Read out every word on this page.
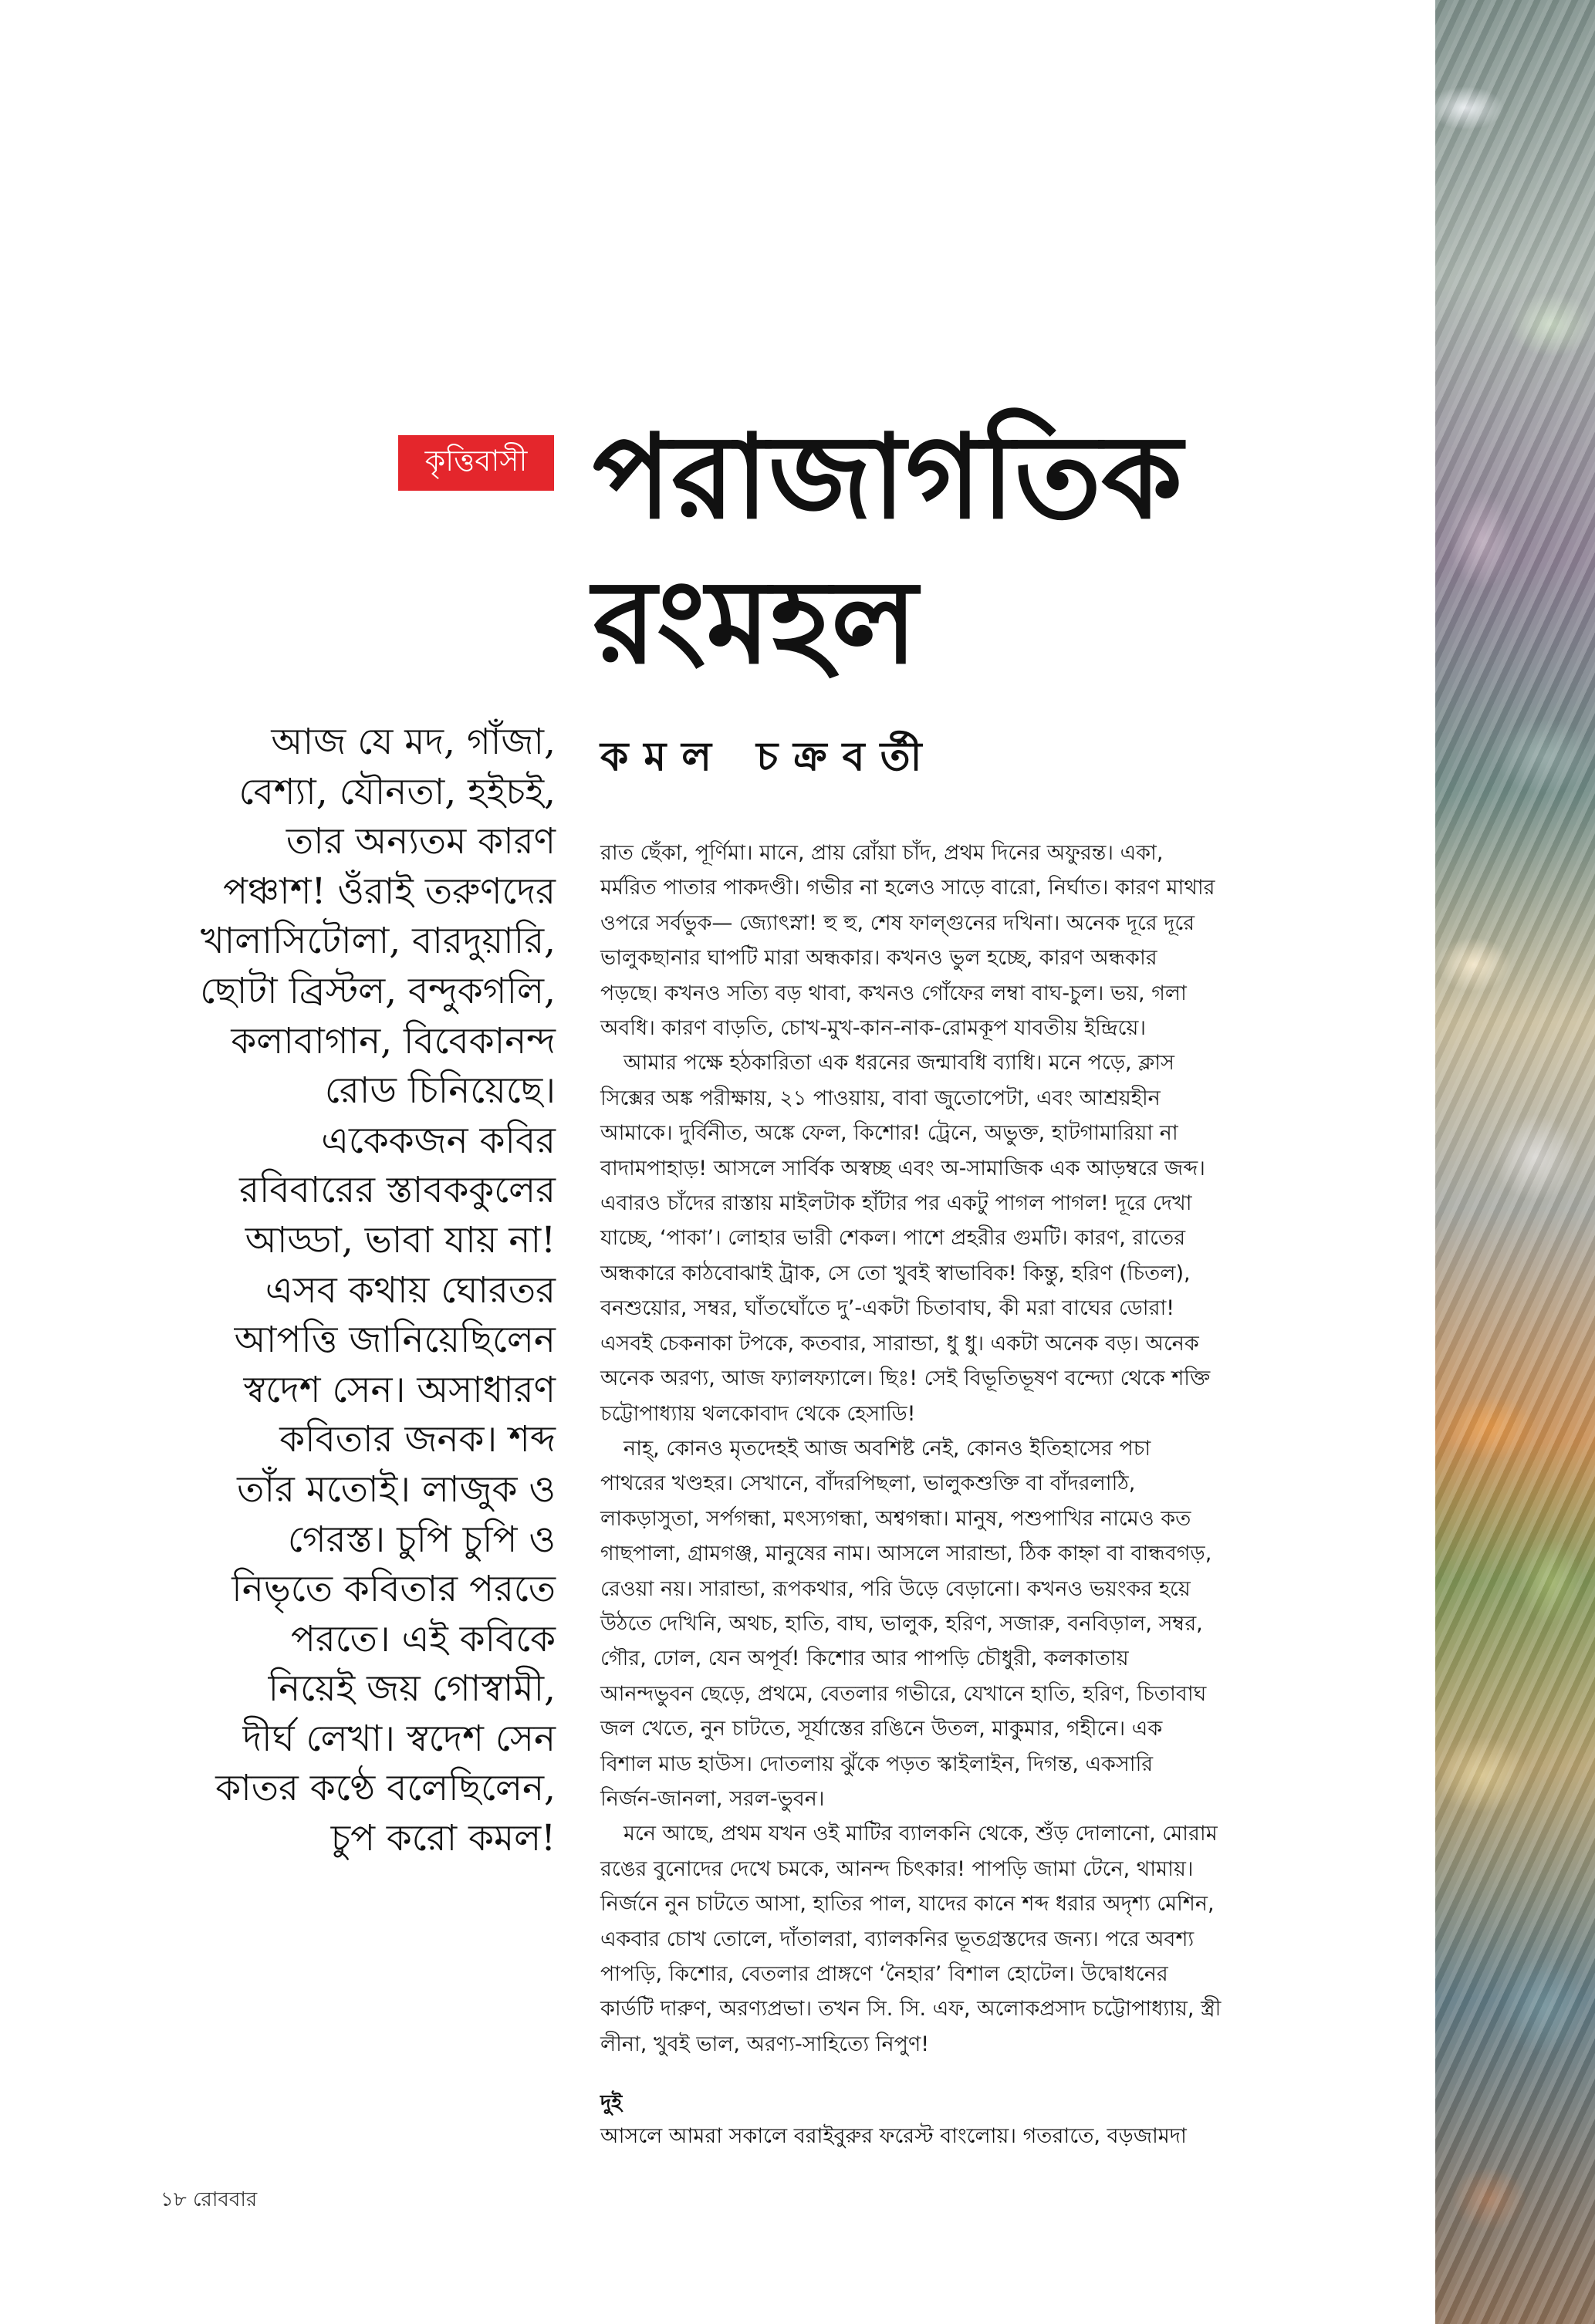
কৃত্তিবাসী পরাজাগতিক
রংমহল
কমল চক্রবর্তী
আজ যে মদ, গাঁজা,
বেশ্যা, যৌনতা, হইচই,
তার অন্যতম কারণ
পঞ্চাশ! ওঁরাই তরুণদের
খালাসিটোলা, বারদুয়ারি,
ছোটা ব্রিস্টল, বন্দুকগলি,
কলাবাগান, বিবেকানন্দ
রোড চিনিয়েছে।
একেকজন কবির
রবিবারের স্তাবককুলের
আড্ডা, ভাবা যায় না!
এসব কথায় ঘোরতর
আপত্তি জানিয়েছিলেন
স্বদেশ সেন। অসাধারণ
কবিতার জনক। শব্দ
তাঁর মতোই। লাজুক ও
গেরস্ত। চুপি চুপি ও
নিভৃতে কবিতার পরতে
পরতে। এই কবিকে
নিয়েই জয় গোস্বামী,
দীর্ঘ লেখা। স্বদেশ সেন
কাতর কণ্ঠে বলেছিলেন,
চুপ করো কমল!
রাত ছেঁকা, পূর্ণিমা। মানে, প্রায় রোঁয়া চাঁদ, প্রথম দিনের অফুরন্ত। একা,
মর্মরিত পাতার পাকদণ্ডী। গভীর না হলেও সাড়ে বারো, নির্ঘাত। কারণ মাথার
ওপরে সর্বভুক— জ্যোৎস্না! হু হু, শেষ ফাল্গুনের দখিনা। অনেক দূরে দূরে
ভালুকছানার ঘাপটি মারা অন্ধকার। কখনও ভুল হচ্ছে, কারণ অন্ধকার
পড়ছে। কখনও সত্যি বড় থাবা, কখনও গোঁফের লম্বা বাঘ-চুল। ভয়, গলা
অবধি। কারণ বাড়তি, চোখ-মুখ-কান-নাক-রোমকূপ যাবতীয় ইন্দ্রিয়ে।
আমার পক্ষে হঠকারিতা এক ধরনের জন্মাবধি ব্যাধি। মনে পড়ে, ক্লাস
সিক্সের অঙ্ক পরীক্ষায়, ২১ পাওয়ায়, বাবা জুতোপেটা, এবং আশ্রয়হীন
আমাকে। দুর্বিনীত, অঙ্কে ফেল, কিশোর! ট্রেনে, অভুক্ত, হাটগামারিয়া না
বাদামপাহাড়! আসলে সার্বিক অস্বচ্ছ এবং অ-সামাজিক এক আড়ম্বরে জব্দ।
এবারও চাঁদের রাস্তায় মাইলটাক হাঁটার পর একটু পাগল পাগল! দূরে দেখা
যাচ্ছে, ‘পাকা’। লোহার ভারী শেকল। পাশে প্রহরীর গুমটি। কারণ, রাতের
অন্ধকারে কাঠবোঝাই ট্রাক, সে তো খুবই স্বাভাবিক! কিন্তু, হরিণ (চিতল),
বনশুয়োর, সম্বর, ঘাঁতঘোঁতে দু’-একটা চিতাবাঘ, কী মরা বাঘের ডোরা!
এসবই চেকনাকা টপকে, কতবার, সারান্ডা, ধু ধু। একটা অনেক বড়। অনেক
অনেক অরণ্য, আজ ফ্যালফ্যালে। ছিঃ! সেই বিভূতিভূষণ বন্দ্যো থেকে শক্তি
চট্টোপাধ্যায় থলকোবাদ থেকে হেসাডি!
নাহ্, কোনও মৃতদেহই আজ অবশিষ্ট নেই, কোনও ইতিহাসের পচা
পাথরের খণ্ডহর। সেখানে, বাঁদরপিছলা, ভালুকশুক্তি বা বাঁদরলাঠি,
লাকড়াসুতা, সর্পগন্ধা, মৎস্যগন্ধা, অশ্বগন্ধা। মানুষ, পশুপাখির নামেও কত
গাছপালা, গ্রামগঞ্জ, মানুষের নাম। আসলে সারান্ডা, ঠিক কাহ্না বা বান্ধবগড়,
রেওয়া নয়। সারান্ডা, রূপকথার, পরি উড়ে বেড়ানো। কখনও ভয়ংকর হয়ে
উঠতে দেখিনি, অথচ, হাতি, বাঘ, ভালুক, হরিণ, সজারু, বনবিড়াল, সম্বর,
গৌর, ঢোল, যেন অপূর্ব! কিশোর আর পাপড়ি চৌধুরী, কলকাতায়
আনন্দভুবন ছেড়ে, প্রথমে, বেতলার গভীরে, যেখানে হাতি, হরিণ, চিতাবাঘ
জল খেতে, নুন চাটতে, সূর্যাস্তের রঙিনে উতল, মাকুমার, গহীনে। এক
বিশাল মাড হাউস। দোতলায় ঝুঁকে পড়ত স্কাইলাইন, দিগন্ত, একসারি
নির্জন-জানলা, সরল-ভুবন।
মনে আছে, প্রথম যখন ওই মাটির ব্যালকনি থেকে, শুঁড় দোলানো, মোরাম
রঙের বুনোদের দেখে চমকে, আনন্দ চিৎকার! পাপড়ি জামা টেনে, থামায়।
নির্জনে নুন চাটতে আসা, হাতির পাল, যাদের কানে শব্দ ধরার অদৃশ্য মেশিন,
একবার চোখ তোলে, দাঁতালরা, ব্যালকনির ভূতগ্রস্তদের জন্য। পরে অবশ্য
পাপড়ি, কিশোর, বেতলার প্রাঙ্গণে ‘নৈহার’ বিশাল হোটেল। উদ্বোধনের
কার্ডটি দারুণ, অরণ্যপ্রভা। তখন সি. সি. এফ, অলোকপ্রসাদ চট্টোপাধ্যায়, স্ত্রী
লীনা, খুবই ভাল, অরণ্য-সাহিত্যে নিপুণ!
দুই
আসলে আমরা সকালে বরাইবুরুর ফরেস্ট বাংলোয়। গতরাতে, বড়জামদা
১৮ রোববার
